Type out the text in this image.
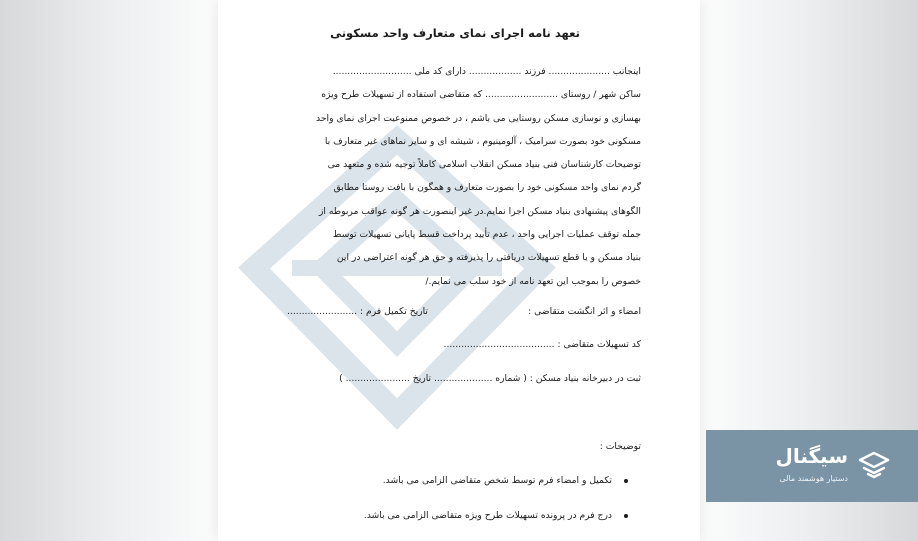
تعهد نامه اجرای نمای متعارف واحد مسکونی
اینجانب ..................... فرزند .................. دارای کد ملی ...........................
ساکن شهر / روستای ......................... که متقاضی استفاده از تسهیلات طرح ویژه
بهسازی و نوسازی مسکن روستایی می باشم ، در خصوص ممنوعیت اجرای نمای واحد
مسکونی خود بصورت سرامیک ، آلومینیوم ، شیشه ای و سایر نماهای غیر متعارف با
توضیحات کارشناسان فنی بنیاد مسکن انقلاب اسلامی کاملاً توجیه شده و متعهد می
گردم نمای واحد مسکونی خود را بصورت متعارف و همگون با بافت روستا مطابق
الگوهای پیشنهادی بنیاد مسکن اجرا نمایم.در غیر اینصورت هر گونه عواقب مربوطه از
جمله توقف عملیات اجرایی واحد ، عدم تأیید پرداخت قسط پایانی تسهیلات توسط
بنیاد مسکن و یا قطع تسهیلات دریافتی را پذیرفته و حق هر گونه اعتراضی در این
خصوص را بموجب این تعهد نامه از خود سلب می نمایم./
امضاء و اثر انگشت متقاضی :
تاریخ تکمیل فرم : ........................
کد تسهیلات متقاضی : ......................................
ثبت در دبیرخانه بنیاد مسکن : ( شماره .................... تاریخ ...................... )
توضیحات :
تکمیل و امضاء فرم توسط شخص متقاضی الزامی می باشد.
درج فرم در پرونده تسهیلات طرح ویژه متقاضی الزامی می باشد.
سیگنال
دستیار هوشمند مالی
